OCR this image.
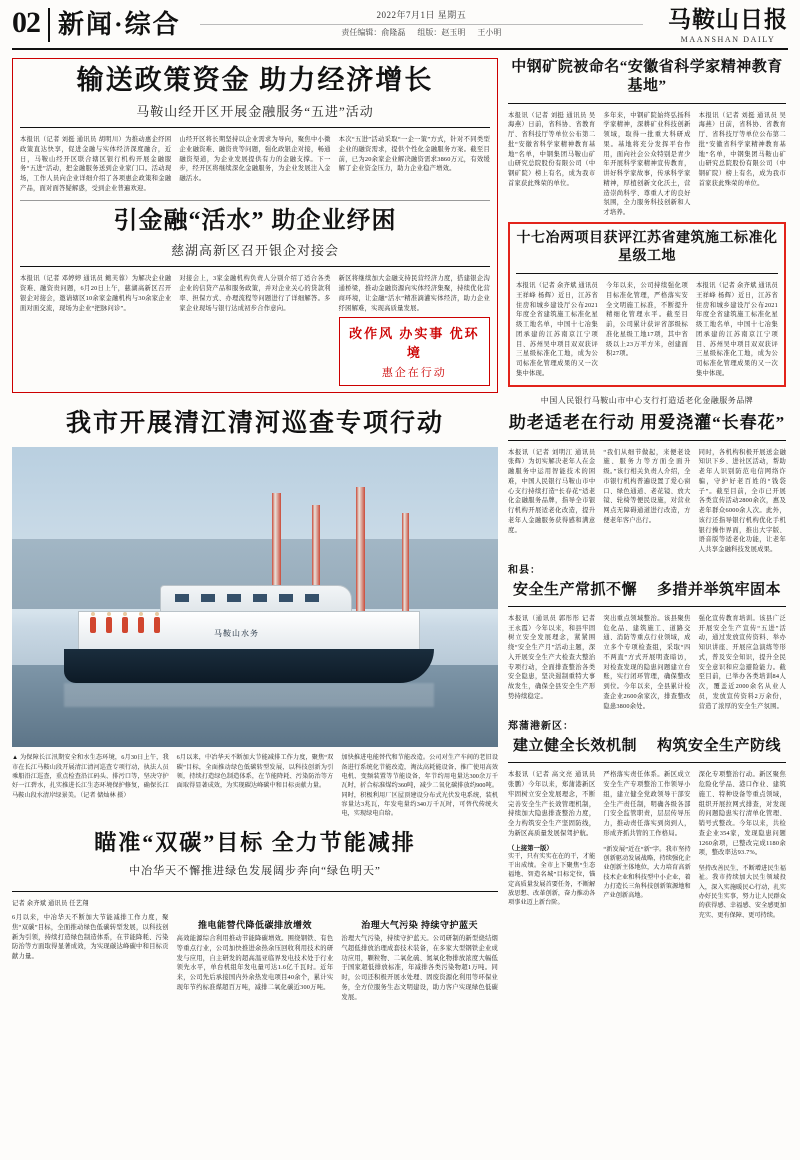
02 新闻·综合	2022年7月1日 星期五
责任编辑：俞隆磊 组版：赵玉明 王小明
马鞍山日报
MAANSHAN DAILY
输送政策资金 助力经济增长
马鞍山经开区开展金融服务“五进”活动
本报讯（记者 刘挺 通讯员 胡明川）为推动惠企纾困政策直达快享，促进金融与实体经济深度融合，近日，马鞍山经开区联合辖区银行机构开展金融服务“五进”活动，把金融服务送到企业家门口。活动现场，工作人员向企业详细介绍了各项惠企政策和金融产品，面对面答疑解惑，受到企业普遍欢迎。
山经开区将长期坚持以企业需求为导向，聚焦中小微企业融资难、融资贵等问题，强化政银企对接，畅通融资渠道，为企业发展提供有力的金融支撑。下一步，经开区将继续深化金融服务，为企业发展注入金融活水。
本次“五进”活动采取“一企一策”方式，针对不同类型企业的融资需求，提供个性化金融服务方案。截至目前，已为20余家企业解决融资需求3860万元，有效缓解了企业资金压力，助力企业稳产增效。
引金融“活水” 助企业纾困
慈湖高新区召开银企对接会
本报讯（记者 邓婷婷 通讯员 鲍芙蓉）为解决企业融资难、融资贵问题，6月20日上午，慈湖高新区召开银企对接会，邀请辖区10余家金融机构与30余家企业面对面交流，现场为企业“把脉问诊”。
对接会上，3家金融机构负责人分别介绍了适合各类企业的信贷产品和服务政策，并对企业关心的贷款利率、担保方式、办理流程等问题进行了详细解答。多家企业现场与银行达成初步合作意向。
新区将继续加大金融支持民营经济力度，搭建银企沟通桥梁，推动金融资源向实体经济集聚，持续优化营商环境，让金融“活水”精准滴灌实体经济，助力企业纾困解难，实现高质量发展。
改作风 办实事 优环境
惠企在行动
我市开展清江清河巡查专项行动
马鞍山水务
▲ 为保障长江汛期安全和水生态环境，6月30日上午，我市在长江马鞍山段开展清江清河巡查专项行动，执法人员乘船沿江巡查，重点检查沿江码头、排污口等，坚决守护好一江碧水，扎实推进长江生态环境保护修复，确保长江马鞍山段水清岸绿景美。（记者 储灿林 摄）
6月以来，中冶华天不断加大节能减排工作力度，聚焦“双碳”目标，全面推动绿色低碳转型发展，以科技创新为引领，持续打造绿色制造体系，在节能降耗、污染防治等方面取得显著成效，为实现碳达峰碳中和目标贡献力量。
加快推进电能替代和节能改造。公司对生产车间的老旧设备进行系统化节能改造，淘汰高耗能设备，推广使用高效电机、变频装置等节能设备，年节约用电量达300余万千瓦时，折合标准煤约360吨，减少二氧化碳排放约900吨。同时，积极利用厂区屋顶建设分布式光伏发电系统，装机容量达3兆瓦，年发电量约340万千瓦时，可替代传统火电，实现绿电自给。
瞄准“双碳”目标 全力节能减排
中冶华天不懈推进绿色发展阔步奔向“绿色明天”
记者 余齐斌 通讯员 任艺翔
6月以来，中冶华天不断加大节能减排工作力度，聚焦“双碳”目标，全面推动绿色低碳转型发展，以科技创新为引领，持续打造绿色制造体系，在节能降耗、污染防治等方面取得显著成效，为实现碳达峰碳中和目标贡献力量。
推电能替代降低碳排放增效
高效能源综合利用推动节能降碳增效。围绕钢铁、有色等重点行业，公司加快推进余热余压回收利用技术的研发与应用，自主研发的超高温亚临界发电技术处于行业领先水平，单台机组年发电量可达1.6亿千瓦时。近年来，公司先后承接国内外余热发电项目40余个，累计实现年节约标准煤超百万吨，减排二氧化碳近300万吨。
治理大气污染 持续守护蓝天
治理大气污染，持续守护蓝天。公司研制的新型烧结烟气超低排放治理成套技术装备，在多家大型钢铁企业成功应用，颗粒物、二氧化硫、氮氧化物排放浓度大幅低于国家超低排放标准，年减排各类污染物超1万吨。同时，公司还积极开展水处理、固废资源化利用等环保业务，全方位服务生态文明建设，助力客户实现绿色低碳发展。
中钢矿院被命名“安徽省科学家精神教育基地”
本报讯（记者 刘挺 通讯员 吴海燕）日前，省科协、省教育厅、省科技厅等单位公布第二批“安徽省科学家精神教育基地”名单，中钢集团马鞍山矿山研究总院股份有限公司（中钢矿院）榜上有名，成为我市首家获此殊荣的单位。
多年来，中钢矿院始终弘扬科学家精神，深耕矿业科技创新领域，取得一批重大科研成果。基地将充分发挥平台作用，面向社会公众特别是青少年开展科学家精神宣传教育，讲好科学家故事，传承科学家精神，厚植创新文化沃土，营造崇尚科学、尊重人才的良好氛围，全力服务科技创新和人才培养。
本报讯（记者 刘挺 通讯员 吴海燕）日前，省科协、省教育厅、省科技厅等单位公布第二批“安徽省科学家精神教育基地”名单，中钢集团马鞍山矿山研究总院股份有限公司（中钢矿院）榜上有名，成为我市首家获此殊荣的单位。
十七冶两项目获评江苏省建筑施工标准化星级工地
本报讯（记者 余齐斌 通讯员 王祥峰 杨辉）近日，江苏省住房和城乡建设厅公布2021年度全省建筑施工标准化星级工地名单，中国十七冶集团承建的江苏南京江宁项目、苏州吴中项目双双获评三星级标准化工地，成为公司标准化管理成果的又一次集中体现。
今年以来，公司持续强化项目标准化管理，严格落实安全文明施工标准，不断提升精细化管理水平。截至目前，公司累计获评省部级标准化星级工地17项，其中省级以上23万平方米，创建面积27项。
本报讯（记者 余齐斌 通讯员 王祥峰 杨辉）近日，江苏省住房和城乡建设厅公布2021年度全省建筑施工标准化星级工地名单，中国十七冶集团承建的江苏南京江宁项目、苏州吴中项目双双获评三星级标准化工地，成为公司标准化管理成果的又一次集中体现。
中国人民银行马鞍山市中心支行打造适老化金融服务品牌
助老适老在行动 用爱浇灌“长春花”
本报讯（记者 刘明江 通讯员 张辉）为切实解决老年人在金融服务中运用智能技术的困难，中国人民银行马鞍山市中心支行持续打造“长春花”适老化金融服务品牌，指导全市银行机构开展适老化改造，提升老年人金融服务获得感和满意度。
“我们从细节做起，来便老设施、服务力等方面全面升级。”该行相关负责人介绍，全市银行机构普遍设置了爱心窗口、绿色通道、老花镜、放大镜、轮椅等便民设施，对营业网点无障碍通道进行改造，方便老年客户出行。
同时，各机构积极开展送金融知识下乡、进社区活动，帮助老年人识别防范电信网络诈骗，守护好老百姓的“钱袋子”。截至目前，全市已开展各类宣传活动2800余次，惠及老年群众6000余人次。此外，该行还指导银行机构优化手机银行操作界面，推出大字版、语音版等适老化功能，让老年人共享金融科技发展成果。
和县：
安全生产常抓不懈	多措并举筑牢固本
本报讯（通讯员 郭彤彤 记者 王永霞）今年以来，和县牢固树立安全发展理念，紧紧围绕“安全生产月”活动主题，深入开展安全生产大检查大整治专项行动，全面排查整治各类安全隐患，坚决遏制重特大事故发生，确保全县安全生产形势持续稳定。
突出重点领域整治。该县聚焦危化品、建筑施工、道路交通、消防等重点行业领域，成立多个专项检查组，采取“四不两直”方式开展明查暗访，对检查发现的隐患问题建立台账，实行闭环管理，确保整改到位。今年以来，全县累计检查企业2600余家次，排查整改隐患3800余处。
强化宣传教育培训。该县广泛开展安全生产宣传“五进”活动，通过发放宣传资料、举办知识讲座、开展应急演练等形式，普及安全知识，提升全民安全意识和应急避险能力。截至目前，已举办各类培训84人次，覆盖近2000余名从业人员，发放宣传资料2万余份，营造了浓厚的安全生产氛围。
郑蒲港新区：
建立健全长效机制	构筑安全生产防线
本报讯（记者 高文亮 通讯员 张鹏）今年以来，郑蒲港新区牢固树立安全发展理念，不断完善安全生产长效管理机制，持续加大隐患排查整治力度，全力构筑安全生产坚固防线，为新区高质量发展保驾护航。
（上接第一版）
实干，只有实实在在的干，才能干出成绩。全市上下聚焦“生态福地、智造名城”目标定位，锚定高质量发展首要任务，不断解放思想、改革创新，奋力推动各项事业迈上新台阶。
严格落实责任体系。新区成立安全生产专项整治工作领导小组，建立健全党政领导干部安全生产责任制，明确各级各部门安全监管职责，层层传导压力，推动责任落实到岗到人，形成齐抓共管的工作格局。
“新发展”近在“新”字。我市坚持创新驱动发展战略，持续强化企业创新主体地位，大力培育高新技术企业和科技型中小企业，着力打造长三角科技创新策源地和产业创新高地。
深化专项整治行动。新区聚焦危险化学品、港口作业、建筑施工、特种设备等重点领域，组织开展拉网式排查，对发现的问题隐患实行清单化管理、销号式整改。今年以来，共检查企业354家，发现隐患问题1260余项，已整改完成1180余项，整改率达93.7%。
坚持改善民生，不断增进民生福祉。我市持续加大民生领域投入，深入实施暖民心行动，扎实办好民生实事，努力让人民群众的获得感、幸福感、安全感更加充实、更有保障、更可持续。
